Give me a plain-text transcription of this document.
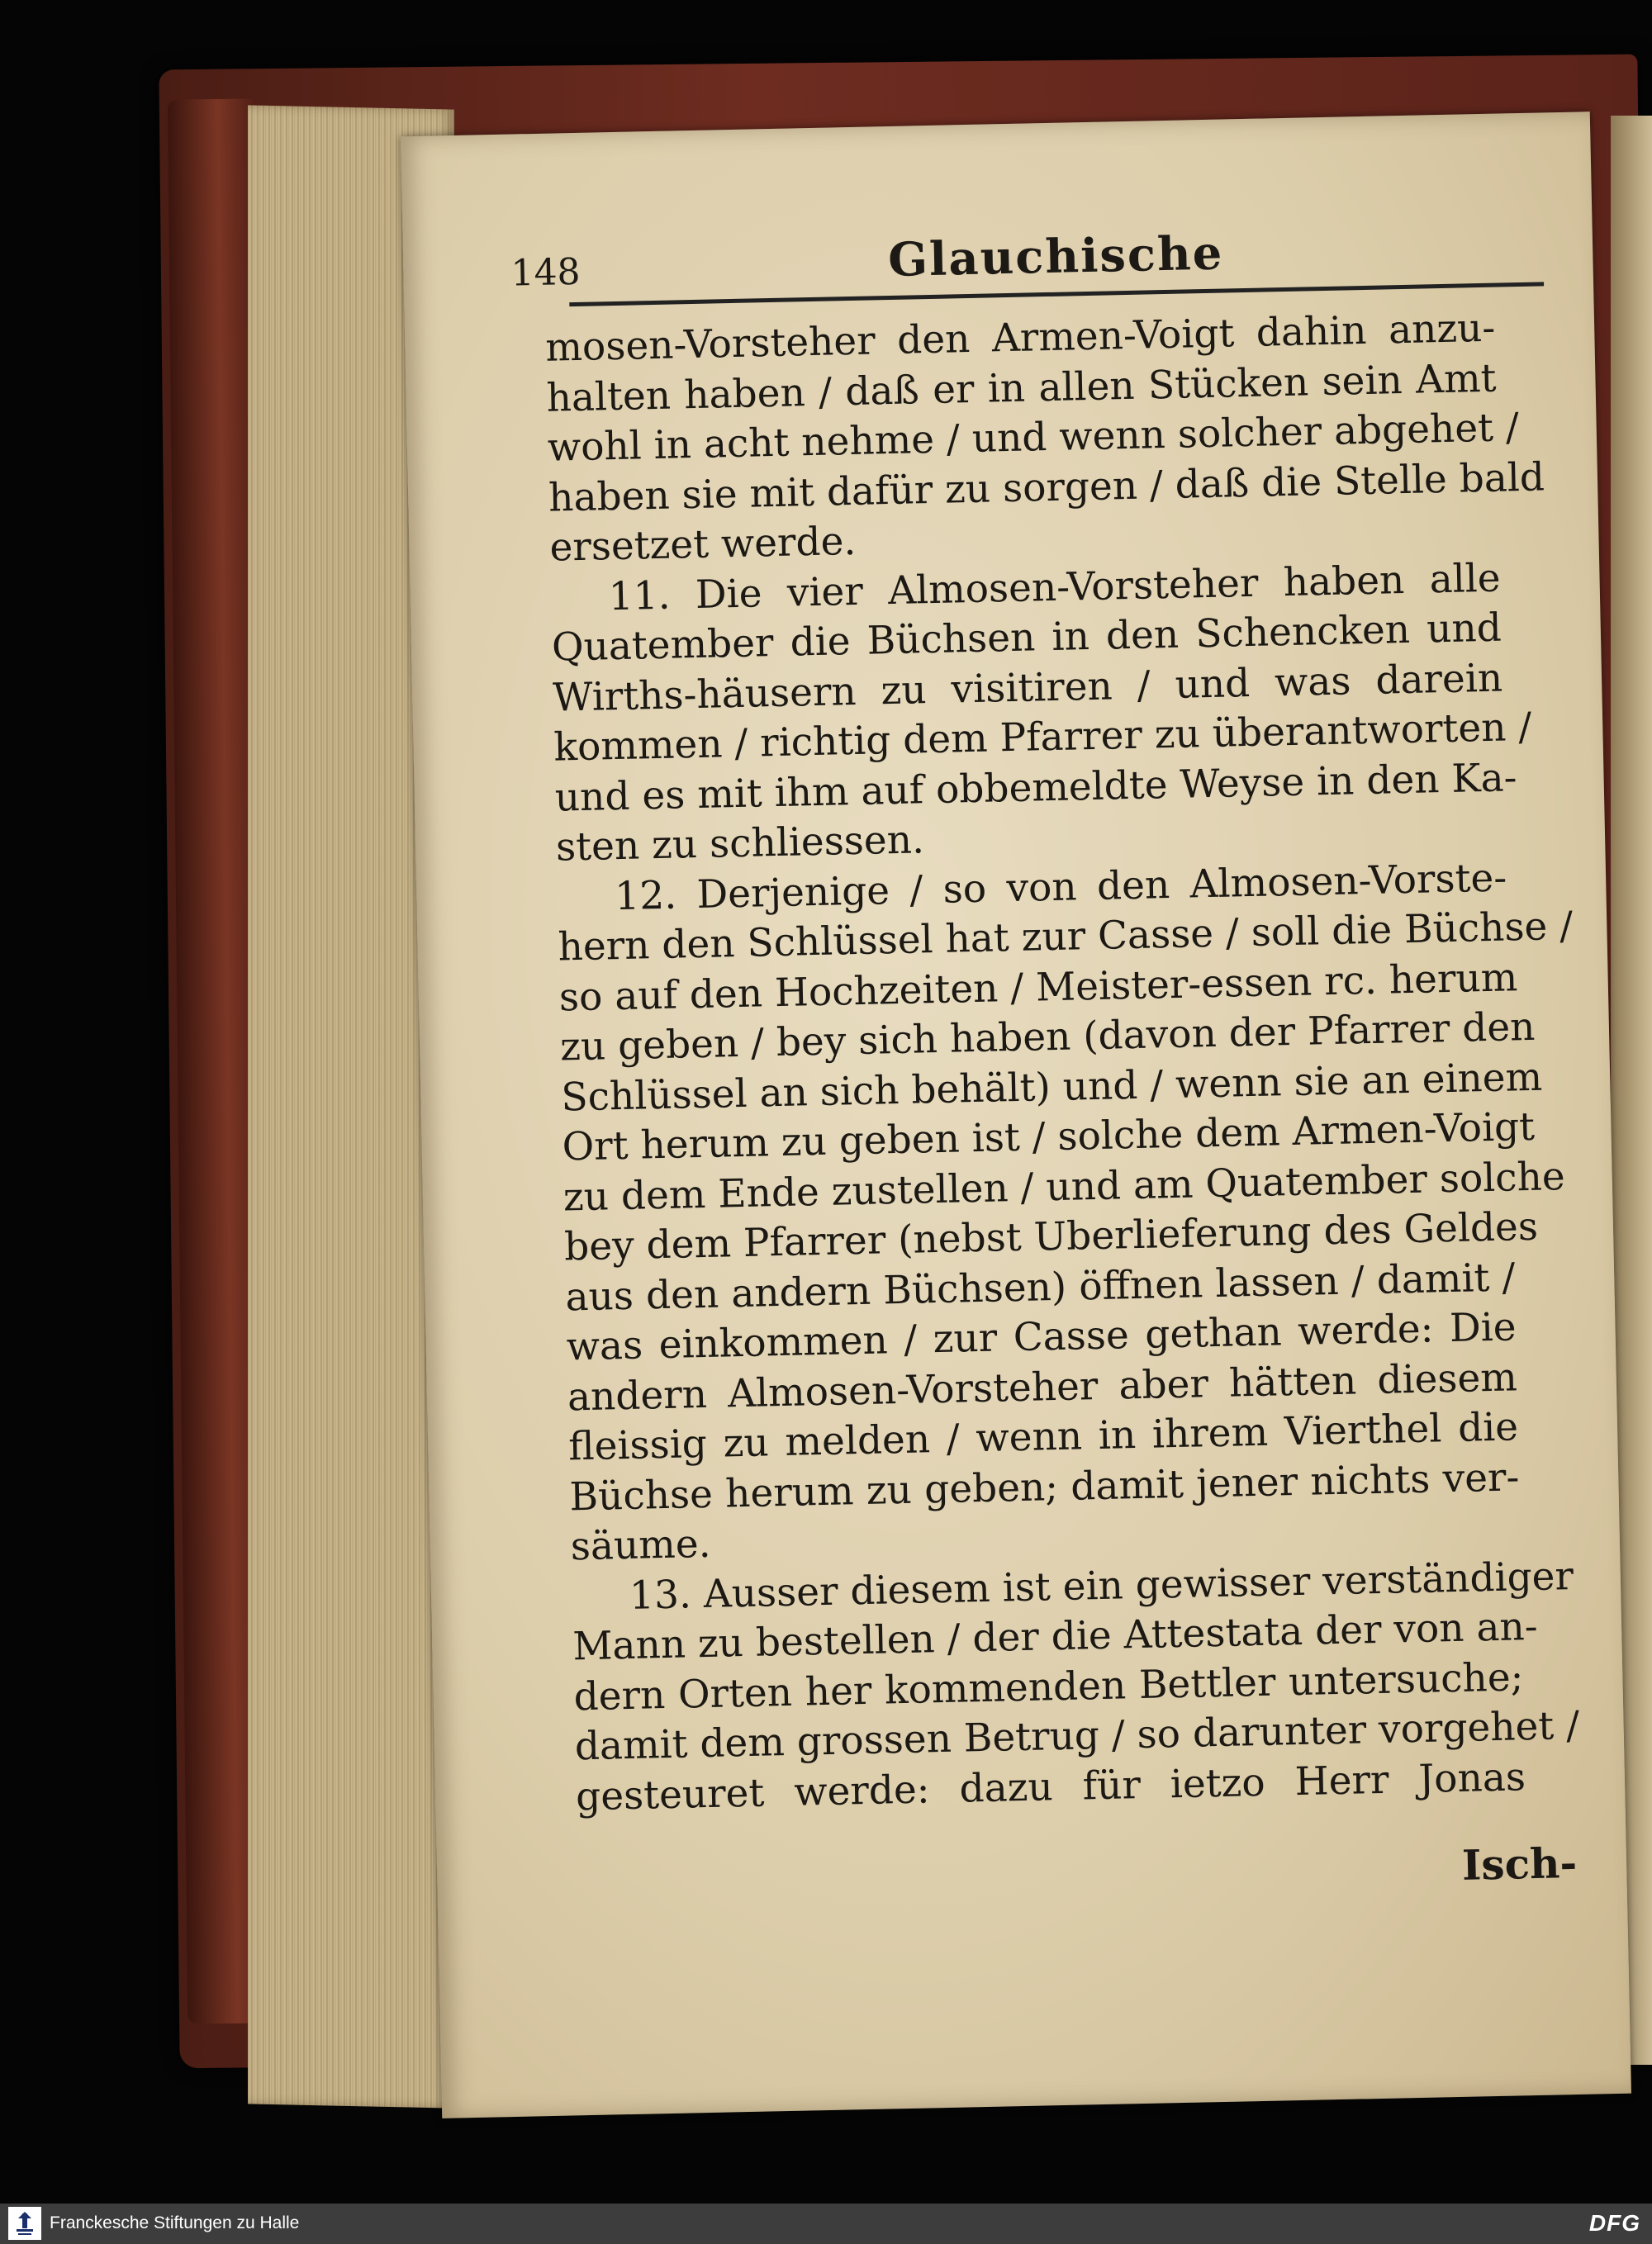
148	Glauchische
mosen-Vorsteher den Armen-Voigt dahin anzu-
halten haben / daß er in allen Stücken sein Amt
wohl in acht nehme / und wenn solcher abgehet /
haben sie mit dafür zu sorgen / daß die Stelle bald
ersetzet werde.
11. Die vier Almosen-Vorsteher haben alle
Quatember die Büchsen in den Schencken und
Wirths-häusern zu visitiren / und was darein
kommen / richtig dem Pfarrer zu überantworten /
und es mit ihm auf obbemeldte Weyse in den Ka-
sten zu schliessen.
12. Derjenige / so von den Almosen-Vorste-
hern den Schlüssel hat zur Casse / soll die Büchse /
so auf den Hochzeiten / Meister-essen rc. herum
zu geben / bey sich haben (davon der Pfarrer den
Schlüssel an sich behält) und / wenn sie an einem
Ort herum zu geben ist / solche dem Armen-Voigt
zu dem Ende zustellen / und am Quatember solche
bey dem Pfarrer (nebst Uberlieferung des Geldes
aus den andern Büchsen) öffnen lassen / damit /
was einkommen / zur Casse gethan werde: Die
andern Almosen-Vorsteher aber hätten diesem
fleissig zu melden / wenn in ihrem Vierthel die
Büchse herum zu geben; damit jener nichts ver-
säume.
13. Ausser diesem ist ein gewisser verständiger
Mann zu bestellen / der die Attestata der von an-
dern Orten her kommenden Bettler untersuche;
damit dem grossen Betrug / so darunter vorgehet /
gesteuret werde: dazu für ietzo Herr Jonas
Isch-
Franckesche Stiftungen zu Halle	DFG
